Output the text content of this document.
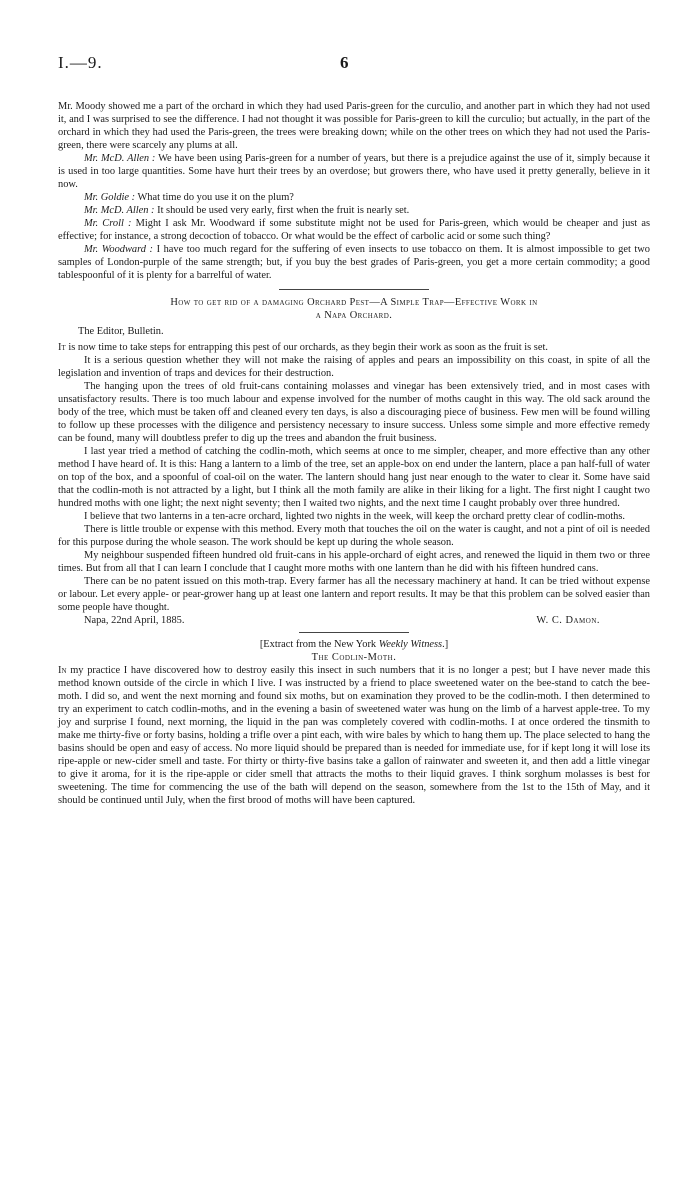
I.—9.	6

Mr. Moody showed me a part of the orchard in which they had used Paris-green for the curculio, and another part in which they had not used it, and I was surprised to see the difference. I had not thought it was possible for Paris-green to kill the curculio; but actually, in the part of the orchard in which they had used the Paris-green, the trees were breaking down; while on the other trees on which they had not used the Paris-green, there were scarcely any plums at all.

Mr. McD. Allen : We have been using Paris-green for a number of years, but there is a prejudice against the use of it, simply because it is used in too large quantities. Some have hurt their trees by an overdose; but growers there, who have used it pretty generally, believe in it now.

Mr. Goldie : What time do you use it on the plum?

Mr. McD. Allen : It should be used very early, first when the fruit is nearly set.

Mr. Croll : Might I ask Mr. Woodward if some substitute might not be used for Paris-green, which would be cheaper and just as effective; for instance, a strong decoction of tobacco. Or what would be the effect of carbolic acid or some such thing?

Mr. Woodward : I have too much regard for the suffering of even insects to use tobacco on them. It is almost impossible to get two samples of London-purple of the same strength; but, if you buy the best grades of Paris-green, you get a more certain commodity; a good tablespoonful of it is plenty for a barrelful of water.

How to get rid of a damaging Orchard Pest—A Simple Trap—Effective Work in
a Napa Orchard.
The Editor, Bulletin.

It is now time to take steps for entrapping this pest of our orchards, as they begin their work as soon as the fruit is set.

It is a serious question whether they will not make the raising of apples and pears an impossibility on this coast, in spite of all the legislation and invention of traps and devices for their destruction.

The hanging upon the trees of old fruit-cans containing molasses and vinegar has been extensively tried, and in most cases with unsatisfactory results. There is too much labour and expense involved for the number of moths caught in this way. The old sack around the body of the tree, which must be taken off and cleaned every ten days, is also a discouraging piece of business. Few men will be found willing to follow up these processes with the diligence and persistency necessary to insure success. Unless some simple and more effective remedy can be found, many will doubtless prefer to dig up the trees and abandon the fruit business.

I last year tried a method of catching the codlin-moth, which seems at once to me simpler, cheaper, and more effective than any other method I have heard of. It is this: Hang a lantern to a limb of the tree, set an apple-box on end under the lantern, place a pan half-full of water on top of the box, and a spoonful of coal-oil on the water. The lantern should hang just near enough to the water to clear it. Some have said that the codlin-moth is not attracted by a light, but I think all the moth family are alike in their liking for a light. The first night I caught two hundred moths with one light; the next night seventy; then I waited two nights, and the next time I caught probably over three hundred.

I believe that two lanterns in a ten-acre orchard, lighted two nights in the week, will keep the orchard pretty clear of codlin-moths.

There is little trouble or expense with this method. Every moth that touches the oil on the water is caught, and not a pint of oil is needed for this purpose during the whole season. The work should be kept up during the whole season.

My neighbour suspended fifteen hundred old fruit-cans in his apple-orchard of eight acres, and renewed the liquid in them two or three times. But from all that I can learn I conclude that I caught more moths with one lantern than he did with his fifteen hundred cans.

There can be no patent issued on this moth-trap. Every farmer has all the necessary machinery at hand. It can be tried without expense or labour. Let every apple- or pear-grower hang up at least one lantern and report results. It may be that this problem can be solved easier than some people have thought.

Napa, 22nd April, 1885.	W. C. Damon.
[Extract from the New York Weekly Witness.]
The Codlin-Moth.

In my practice I have discovered how to destroy easily this insect in such numbers that it is no longer a pest; but I have never made this method known outside of the circle in which I live. I was instructed by a friend to place sweetened water on the bee-stand to catch the bee-moth. I did so, and went the next morning and found six moths, but on examination they proved to be the codlin-moth. I then determined to try an experiment to catch codlin-moths, and in the evening a basin of sweetened water was hung on the limb of a harvest apple-tree. To my joy and surprise I found, next morning, the liquid in the pan was completely covered with codlin-moths. I at once ordered the tinsmith to make me thirty-five or forty basins, holding a trifle over a pint each, with wire bales by which to hang them up. The place selected to hang the basins should be open and easy of access. No more liquid should be prepared than is needed for immediate use, for if kept long it will lose its ripe-apple or new-cider smell and taste. For thirty or thirty-five basins take a gallon of rainwater and sweeten it, and then add a little vinegar to give it aroma, for it is the ripe-apple or cider smell that attracts the moths to their liquid graves. I think sorghum molasses is best for sweetening. The time for commencing the use of the bath will depend on the season, somewhere from the 1st to the 15th of May, and it should be continued until July, when the first brood of moths will have been captured.
